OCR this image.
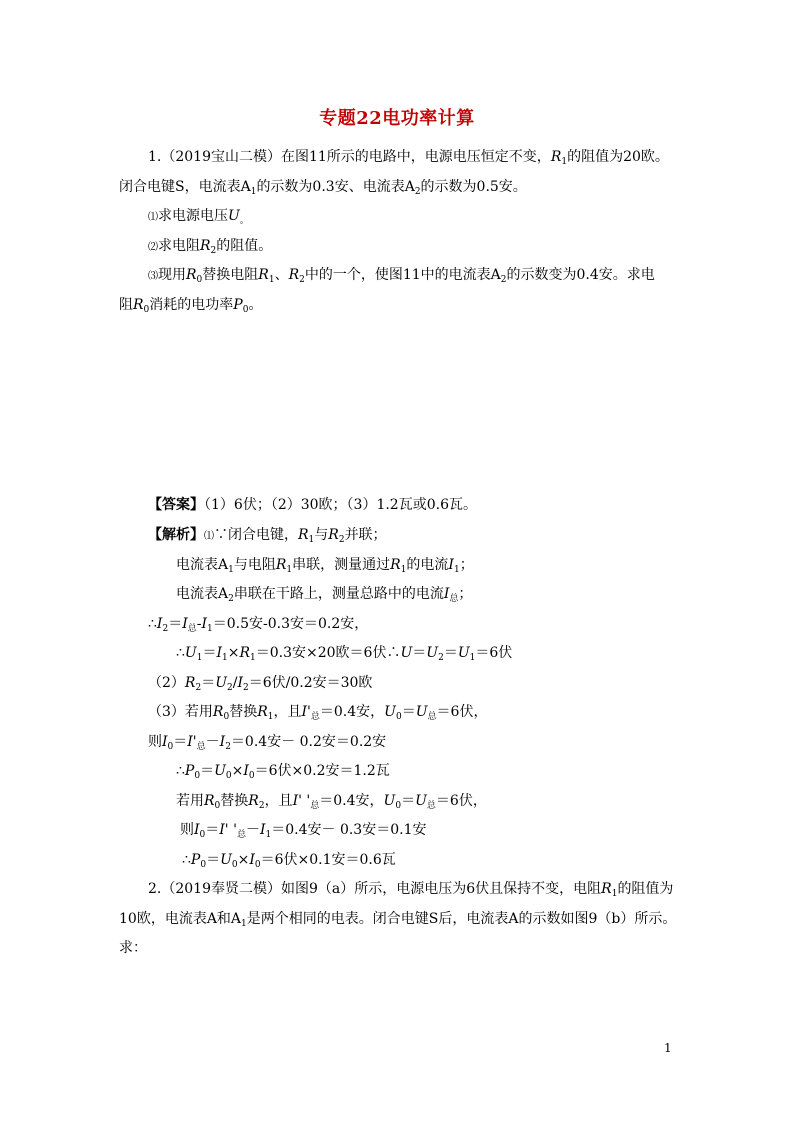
专题22电功率计算
1.（2019宝山二模）在图11所示的电路中，电源电压恒定不变，$R_1$的阻值为20欧。
闭合电键S，电流表$A_1$的示数为0.3安、电流表$A_2$的示数为0.5安。
⑴求电源电压$U_。$
⑵求电阻$R_2$的阻值。
⑶现用$R_0$替换电阻$R_1$、$R_2$中的一个，使图11中的电流表$A_2$的示数变为0.4安。求电
阻$R_0$消耗的电功率$P_0$。
【答案】（1）6伏；（2）30欧；（3）1.2瓦或0.6瓦。
【解析】⑴∵闭合电键，$R_1$与$R_2$并联；
电流表$A_1$与电阻$R_1$串联，测量通过$R_1$的电流$I_1$；
电流表$A_2$串联在干路上，测量总路中的电流$I_总$；
$\therefore I_2=I_总-I_1=0.5$安-0.3安＝0.2安，
$\therefore U_1=I_1\times R_1=0.3$安×20欧＝6伏$\therefore U=U_2=U_1=6$伏
$(2)R_2=U_2/I_2=6$伏/0.2安＝30欧
（3）若用$R_0$替换$R_1$，且$I'_总=0.4$安，$U_0=U_总=6$伏，
则$I_0=I'_总-I_2=0.4$安－ 0.2安＝0.2安
$\therefore P_0=U_0\times I_0=6$伏×0.2安＝1.2瓦
若用$R_0$替换$R_2$，且I' '$_总=0.4$安，$U_0=U_总=6$伏，
则$I_0=I'$ '$_总-I_1=0.4$安－ 0.3安＝0.1安
$\therefore P_0=U_0\times I_0=6$伏×0.1安＝0.6瓦
2.（2019奉贤二模）如图9（a）所示，电源电压为6伏且保持不变，电阻$R_1$的阻值为
10欧，电流表A和$A_1$是两个相同的电表。闭合电键S后，电流表A的示数如图9（b）所示。
求：
1
